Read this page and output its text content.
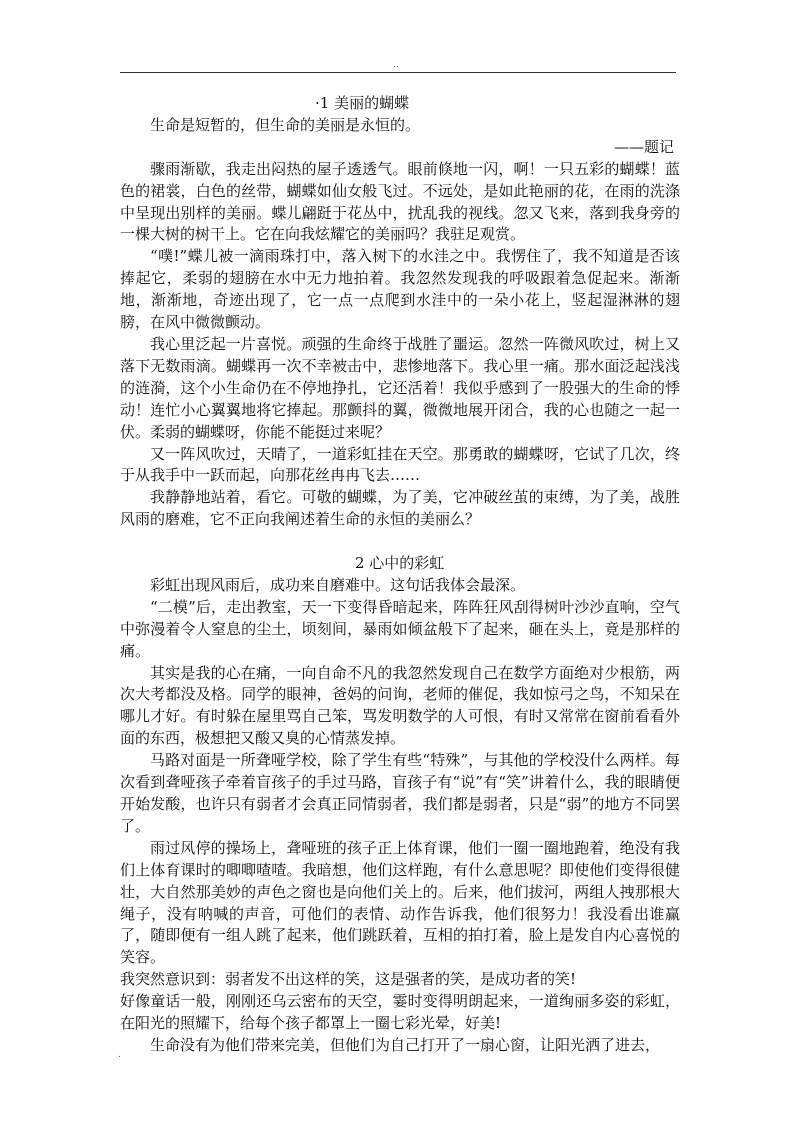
..

·1 美丽的蝴蝶

生命是短暂的，但生命的美丽是永恒的。

——题记

骤雨渐歇，我走出闷热的屋子透透气。眼前倏地一闪，啊！一只五彩的蝴蝶！蓝色的裙裳，白色的丝带，蝴蝶如仙女般飞过。不远处，是如此艳丽的花，在雨的洗涤中呈现出别样的美丽。蝶儿翩跹于花丛中，扰乱我的视线。忽又飞来，落到我身旁的一棵大树的树干上。它在向我炫耀它的美丽吗？我驻足观赏。

“噗!”蝶儿被一滴雨珠打中，落入树下的水洼之中。我愣住了，我不知道是否该捧起它，柔弱的翅膀在水中无力地拍着。我忽然发现我的呼吸跟着急促起来。渐渐地，渐渐地，奇迹出现了，它一点一点爬到水洼中的一朵小花上，竖起湿淋淋的翅膀，在风中微微颤动。

我心里泛起一片喜悦。顽强的生命终于战胜了噩运。忽然一阵微风吹过，树上又落下无数雨滴。蝴蝶再一次不幸被击中，悲惨地落下。我心里一痛。那水面泛起浅浅的涟漪，这个小生命仍在不停地挣扎，它还活着！我似乎感到了一股强大的生命的悸动！连忙小心翼翼地将它捧起。那颤抖的翼，微微地展开闭合，我的心也随之一起一伏。柔弱的蝴蝶呀，你能不能挺过来呢？

又一阵风吹过，天晴了，一道彩虹挂在天空。那勇敢的蝴蝶呀，它试了几次，终于从我手中一跃而起，向那花丝冉冉飞去……

我静静地站着，看它。可敬的蝴蝶，为了美，它冲破丝茧的束缚，为了美，战胜风雨的磨难，它不正向我阐述着生命的永恒的美丽么？

2 心中的彩虹

彩虹出现风雨后，成功来自磨难中。这句话我体会最深。

“二模”后，走出教室，天一下变得昏暗起来，阵阵狂风刮得树叶沙沙直响，空气中弥漫着令人窒息的尘土，顷刻间，暴雨如倾盆般下了起来，砸在头上，竟是那样的痛。

其实是我的心在痛，一向自命不凡的我忽然发现自己在数学方面绝对少根筋，两次大考都没及格。同学的眼神，爸妈的问询，老师的催促，我如惊弓之鸟，不知呆在哪儿才好。有时躲在屋里骂自己笨，骂发明数学的人可恨，有时又常常在窗前看看外面的东西，极想把又酸又臭的心情蒸发掉。

马路对面是一所聋哑学校，除了学生有些“特殊”，与其他的学校没什么两样。每次看到聋哑孩子牵着盲孩子的手过马路，盲孩子有“说”有“笑”讲着什么，我的眼睛便开始发酸，也许只有弱者才会真正同情弱者，我们都是弱者，只是“弱”的地方不同罢了。

雨过风停的操场上，聋哑班的孩子正上体育课，他们一圈一圈地跑着，绝没有我们上体育课时的唧唧喳喳。我暗想，他们这样跑，有什么意思呢？即使他们变得很健壮，大自然那美妙的声色之窗也是向他们关上的。后来，他们拔河，两组人拽那根大绳子，没有呐喊的声音，可他们的表情、动作告诉我，他们很努力！我没看出谁赢了，随即便有一组人跳了起来，他们跳跃着，互相的拍打着，脸上是发自内心喜悦的笑容。

我突然意识到：弱者发不出这样的笑，这是强者的笑，是成功者的笑!

好像童话一般，刚刚还乌云密布的天空，霎时变得明朗起来，一道绚丽多姿的彩虹，在阳光的照耀下，给每个孩子都罩上一圈七彩光晕，好美!

生命没有为他们带来完美，但他们为自己打开了一扇心窗，让阳光洒了进去，

.
